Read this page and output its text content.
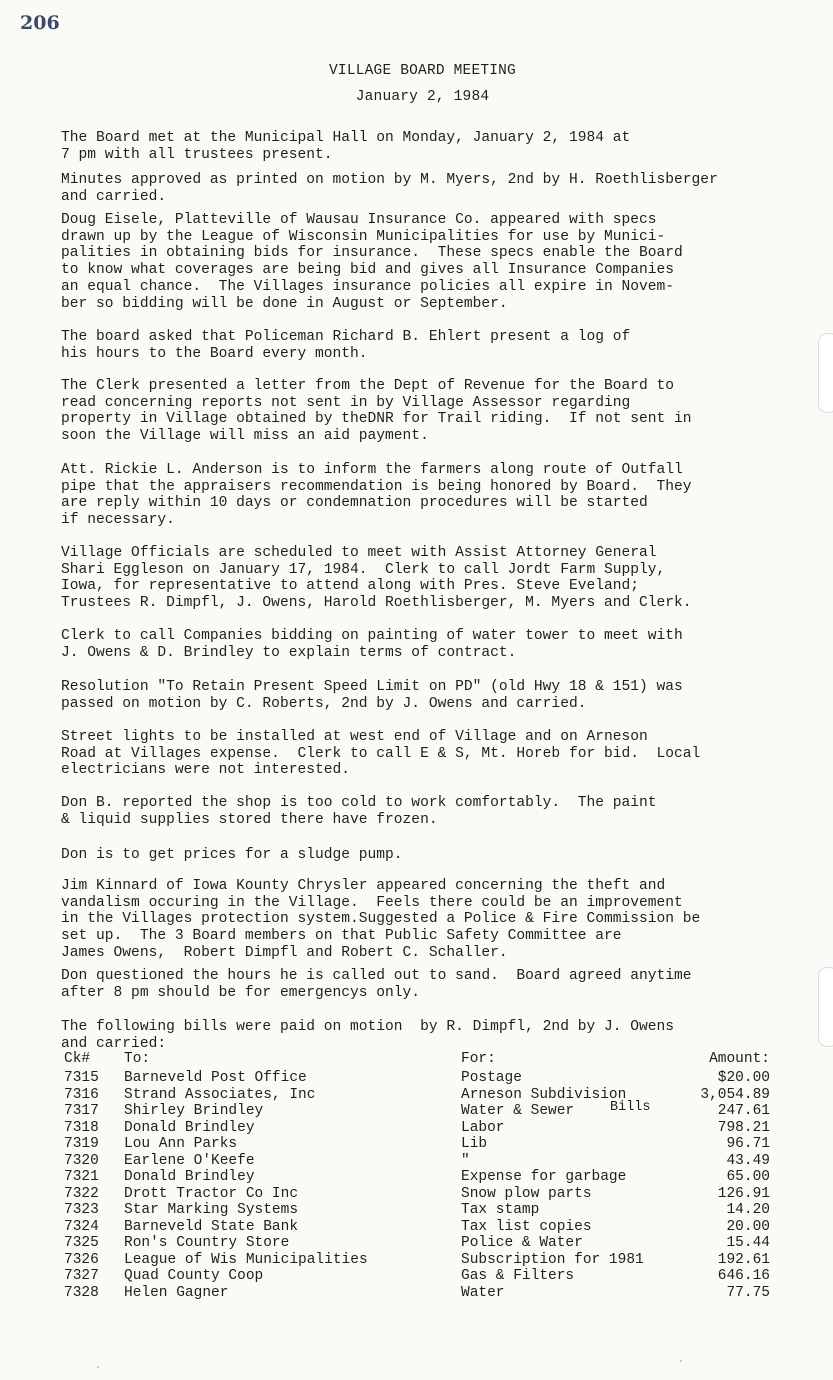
206
VILLAGE BOARD MEETING
January 2, 1984
The Board met at the Municipal Hall on Monday, January 2, 1984 at
7 pm with all trustees present.
Minutes approved as printed on motion by M. Myers, 2nd by H. Roethlisberger
and carried.
Doug Eisele, Platteville of Wausau Insurance Co. appeared with specs
drawn up by the League of Wisconsin Municipalities for use by Munici-
palities in obtaining bids for insurance.  These specs enable the Board
to know what coverages are being bid and gives all Insurance Companies
an equal chance.  The Villages insurance policies all expire in Novem-
ber so bidding will be done in August or September.
The board asked that Policeman Richard B. Ehlert present a log of
his hours to the Board every month.
The Clerk presented a letter from the Dept of Revenue for the Board to
read concerning reports not sent in by Village Assessor regarding
property in Village obtained by theDNR for Trail riding.  If not sent in
soon the Village will miss an aid payment.
Att. Rickie L. Anderson is to inform the farmers along route of Outfall
pipe that the appraisers recommendation is being honored by Board.  They
are reply within 10 days or condemnation procedures will be started
if necessary.
Village Officials are scheduled to meet with Assist Attorney General
Shari Eggleson on January 17, 1984.  Clerk to call Jordt Farm Supply,
Iowa, for representative to attend along with Pres. Steve Eveland;
Trustees R. Dimpfl, J. Owens, Harold Roethlisberger, M. Myers and Clerk.
Clerk to call Companies bidding on painting of water tower to meet with
J. Owens & D. Brindley to explain terms of contract.
Resolution "To Retain Present Speed Limit on PD" (old Hwy 18 & 151) was
passed on motion by C. Roberts, 2nd by J. Owens and carried.
Street lights to be installed at west end of Village and on Arneson
Road at Villages expense.  Clerk to call E & S, Mt. Horeb for bid.  Local
electricians were not interested.
Don B. reported the shop is too cold to work comfortably.  The paint
& liquid supplies stored there have frozen.
Don is to get prices for a sludge pump.
Jim Kinnard of Iowa Kounty Chrysler appeared concerning the theft and
vandalism occuring in the Village.  Feels there could be an improvement
in the Villages protection system.Suggested a Police & Fire Commission be
set up.  The 3 Board members on that Public Safety Committee are
James Owens,  Robert Dimpfl and Robert C. Schaller.
Don questioned the hours he is called out to sand.  Board agreed anytime
after 8 pm should be for emergencys only.
The following bills were paid on motion  by R. Dimpfl, 2nd by J. Owens
and carried:
Ck# To:	For:	Amount:
7315 Barneveld Post Office	Postage	$20.00
7316 Strand Associates, Inc	Arneson Subdivision	3,054.89
7317 Shirley Brindley	Water & Sewer	247.61
7318 Donald Brindley	Labor	798.21
7319 Lou Ann Parks	Lib	96.71
7320 Earlene O'Keefe	"	43.49
7321 Donald Brindley	Expense for garbage	65.00
7322 Drott Tractor Co Inc	Snow plow parts	126.91
7323 Star Marking Systems	Tax stamp	14.20
7324 Barneveld State Bank	Tax list copies	20.00
7325 Ron's Country Store	Police & Water	15.44
7326 League of Wis Municipalities	Subscription for 1981	192.61
7327 Quad County Coop	Gas & Filters	646.16
7328 Helen Gagner	Water	77.75
Bills
